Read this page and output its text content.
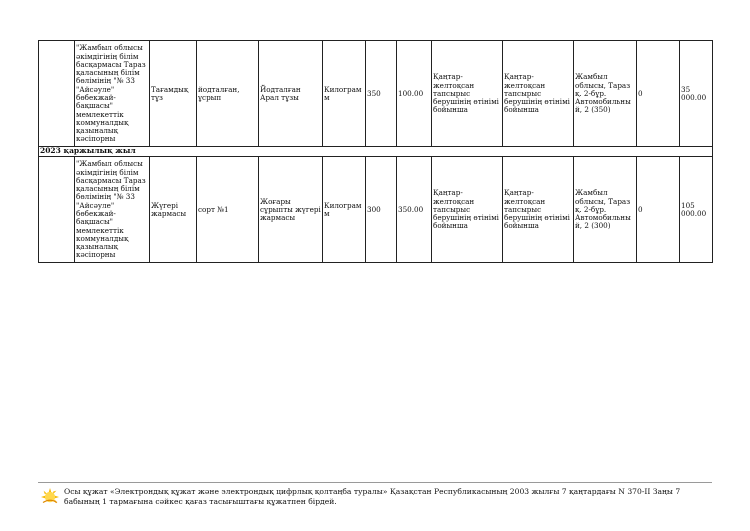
	"Жамбыл облысы әкімдігінің білім басқармасы Тараз қаласының білім бөлімінің "№ 33 "Айсәуле" бөбекжай-бақшасы" мемлекеттік коммуналдық қазыналық кәсіпорны	Тағамдық тұз	йодталған, ұсрып	Йодталған Арал тұзы	Килограмм	350	100.00	Қаңтар-желтоқсан тапсырыс берушінің өтінімі бойынша	Қаңтар-желтоқсан тапсырыс берушінің өтінімі бойынша	Жамбыл облысы, Тараз қ. 2-бұр. Автомобильный, 2 (350)	0	35 000.00
2023 қаржылық жыл												
	"Жамбыл облысы әкімдігінің білім басқармасы Тараз қаласының білім бөлімінің "№ 33 "Айсәуле" бөбекжай-бақшасы" мемлекеттік коммуналдық қазыналық кәсіпорны	Жүгері жармасы	сорт №1	Жоғары сұрыпты жүгері жармасы	Килограмм	300	350.00	Қаңтар-желтоқсан тапсырыс берушінің өтінімі бойынша	Қаңтар-желтоқсан тапсырыс берушінің өтінімі бойынша	Жамбыл облысы, Тараз қ. 2-бұр. Автомобильный, 2 (300)	0	105 000.00
Осы құжат «Электрондық құжат және электрондық цифрлық қолтаңба туралы» Қазақстан Республикасының 2003 жылғы 7 қаңтардағы N 370-II Заңы 7 бабының 1 тармағына сәйкес қағаз тасығыштағы құжатпен бірдей.
